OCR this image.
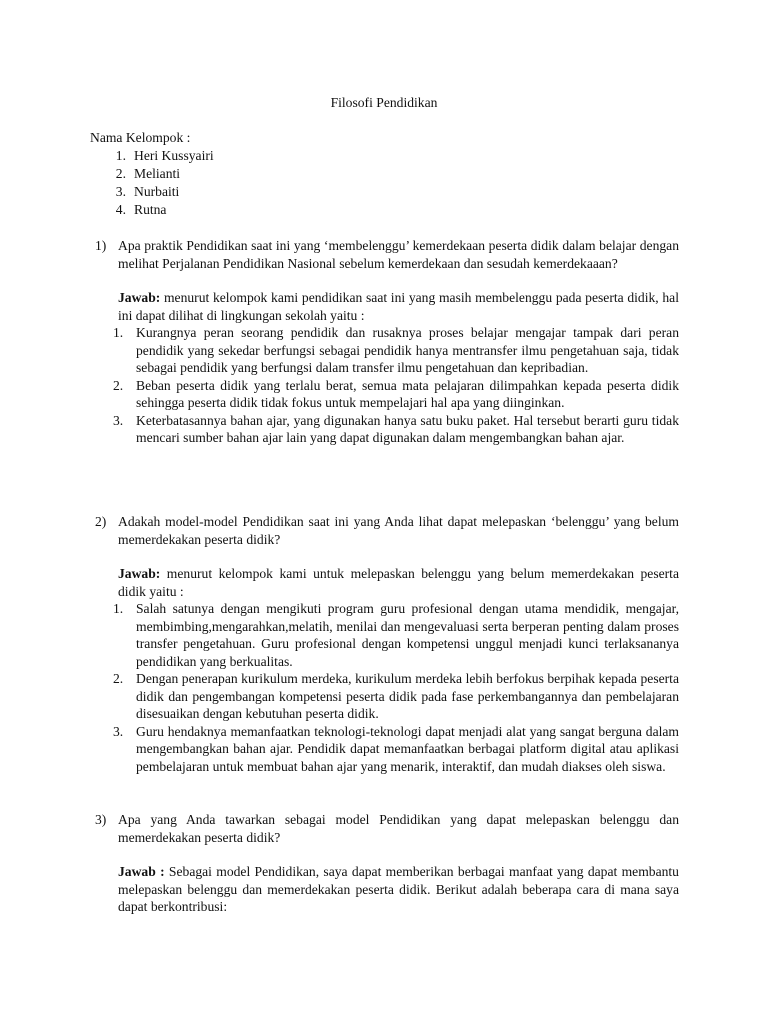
Filosofi Pendidikan
Nama Kelompok :
1. Heri Kussyairi
2. Melianti
3. Nurbaiti
4. Rutna
1) Apa praktik Pendidikan saat ini yang ‘membelenggu’ kemerdekaan peserta didik dalam belajar dengan melihat Perjalanan Pendidikan Nasional sebelum kemerdekaan dan sesudah kemerdekaaan?
Jawab: menurut kelompok kami pendidikan saat ini yang masih membelenggu pada peserta didik, hal ini dapat dilihat di lingkungan sekolah yaitu :
1. Kurangnya peran seorang pendidik dan rusaknya proses belajar mengajar tampak dari peran pendidik yang sekedar berfungsi sebagai pendidik hanya mentransfer ilmu pengetahuan saja, tidak sebagai pendidik yang berfungsi dalam transfer ilmu pengetahuan dan kepribadian.
2. Beban peserta didik yang terlalu berat, semua mata pelajaran dilimpahkan kepada peserta didik sehingga peserta didik tidak fokus untuk mempelajari hal apa yang diinginkan.
3. Keterbatasannya bahan ajar, yang digunakan hanya satu buku paket. Hal tersebut berarti guru tidak mencari sumber bahan ajar lain yang dapat digunakan dalam mengembangkan bahan ajar.
2) Adakah model-model Pendidikan saat ini yang Anda lihat dapat melepaskan ‘belenggu’ yang belum memerdekakan peserta didik?
Jawab: menurut kelompok kami untuk melepaskan belenggu yang belum memerdekakan peserta didik yaitu :
1. Salah satunya dengan mengikuti program guru profesional dengan utama mendidik, mengajar, membimbing,mengarahkan,melatih, menilai dan mengevaluasi serta berperan penting dalam proses transfer pengetahuan. Guru profesional dengan kompetensi unggul menjadi kunci terlaksananya pendidikan yang berkualitas.
2. Dengan penerapan kurikulum merdeka, kurikulum merdeka lebih berfokus berpihak kepada peserta didik dan pengembangan kompetensi peserta didik pada fase perkembangannya dan pembelajaran disesuaikan dengan kebutuhan peserta didik.
3. Guru hendaknya memanfaatkan teknologi-teknologi dapat menjadi alat yang sangat berguna dalam mengembangkan bahan ajar. Pendidik dapat memanfaatkan berbagai platform digital atau aplikasi pembelajaran untuk membuat bahan ajar yang menarik, interaktif, dan mudah diakses oleh siswa.
3) Apa yang Anda tawarkan sebagai model Pendidikan yang dapat melepaskan belenggu dan memerdekakan peserta didik?
Jawab : Sebagai model Pendidikan, saya dapat memberikan berbagai manfaat yang dapat membantu melepaskan belenggu dan memerdekakan peserta didik. Berikut adalah beberapa cara di mana saya dapat berkontribusi:
